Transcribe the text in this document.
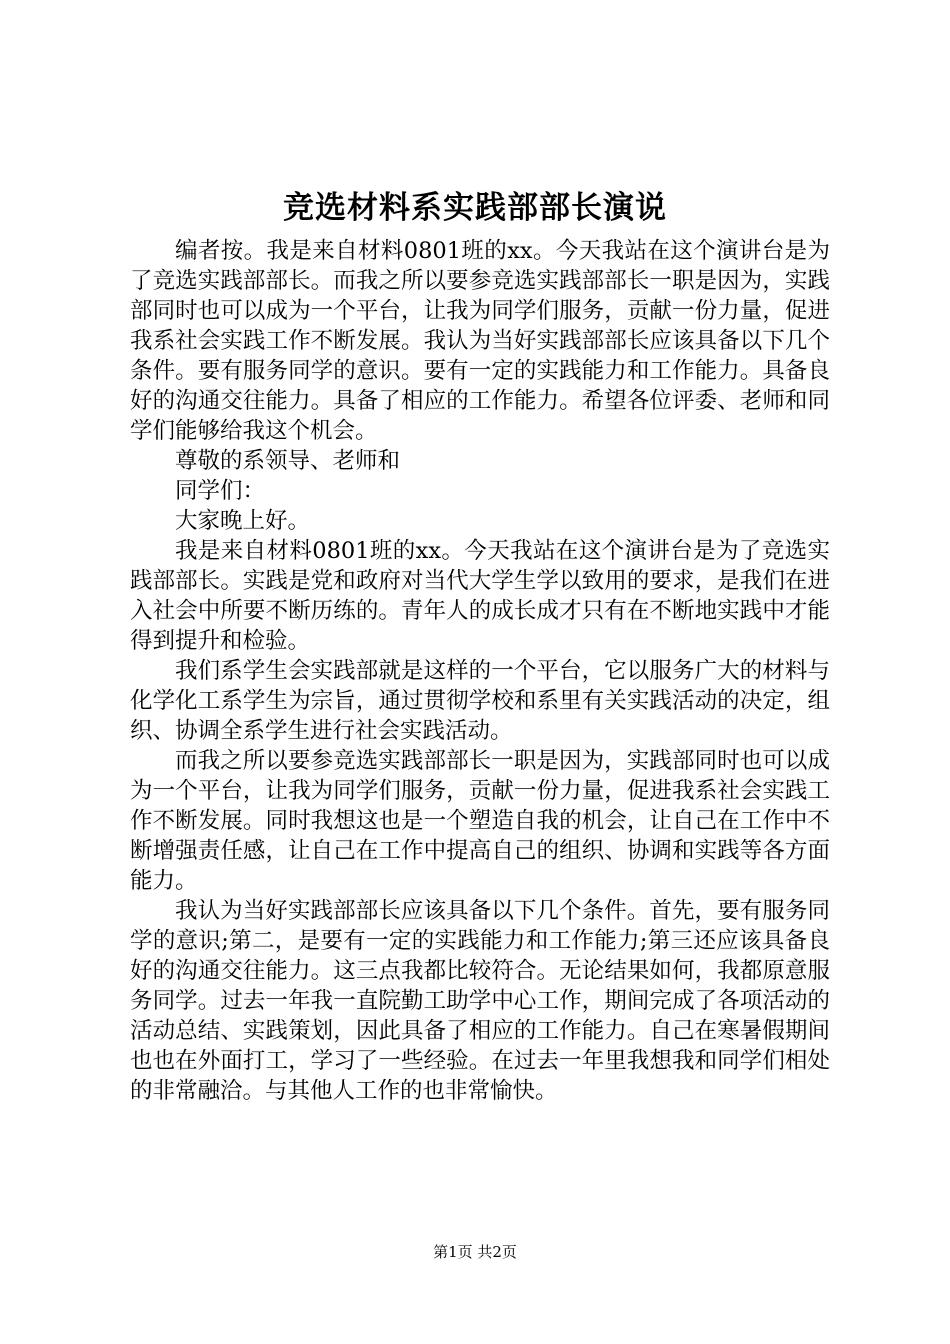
竞选材料系实践部部长演说

编者按。我是来自材料0801班的xx。今天我站在这个演讲台是为了竞选实践部部长。而我之所以要参竞选实践部部长一职是因为，实践部同时也可以成为一个平台，让我为同学们服务，贡献一份力量，促进我系社会实践工作不断发展。我认为当好实践部部长应该具备以下几个条件。要有服务同学的意识。要有一定的实践能力和工作能力。具备良好的沟通交往能力。具备了相应的工作能力。希望各位评委、老师和同学们能够给我这个机会。

尊敬的系领导、老师和

同学们：

大家晚上好。

我是来自材料0801班的xx。今天我站在这个演讲台是为了竞选实践部部长。实践是党和政府对当代大学生学以致用的要求，是我们在进入社会中所要不断历练的。青年人的成长成才只有在不断地实践中才能得到提升和检验。

我们系学生会实践部就是这样的一个平台，它以服务广大的材料与化学化工系学生为宗旨，通过贯彻学校和系里有关实践活动的决定，组织、协调全系学生进行社会实践活动。

而我之所以要参竞选实践部部长一职是因为，实践部同时也可以成为一个平台，让我为同学们服务，贡献一份力量，促进我系社会实践工作不断发展。同时我想这也是一个塑造自我的机会，让自己在工作中不断增强责任感，让自己在工作中提高自己的组织、协调和实践等各方面能力。

我认为当好实践部部长应该具备以下几个条件。首先，要有服务同学的意识;第二，是要有一定的实践能力和工作能力;第三还应该具备良好的沟通交往能力。这三点我都比较符合。无论结果如何，我都原意服务同学。过去一年我一直院勤工助学中心工作，期间完成了各项活动的活动总结、实践策划，因此具备了相应的工作能力。自己在寒暑假期间也也在外面打工，学习了一些经验。在过去一年里我想我和同学们相处的非常融洽。与其他人工作的也非常愉快。

第1页 共2页
